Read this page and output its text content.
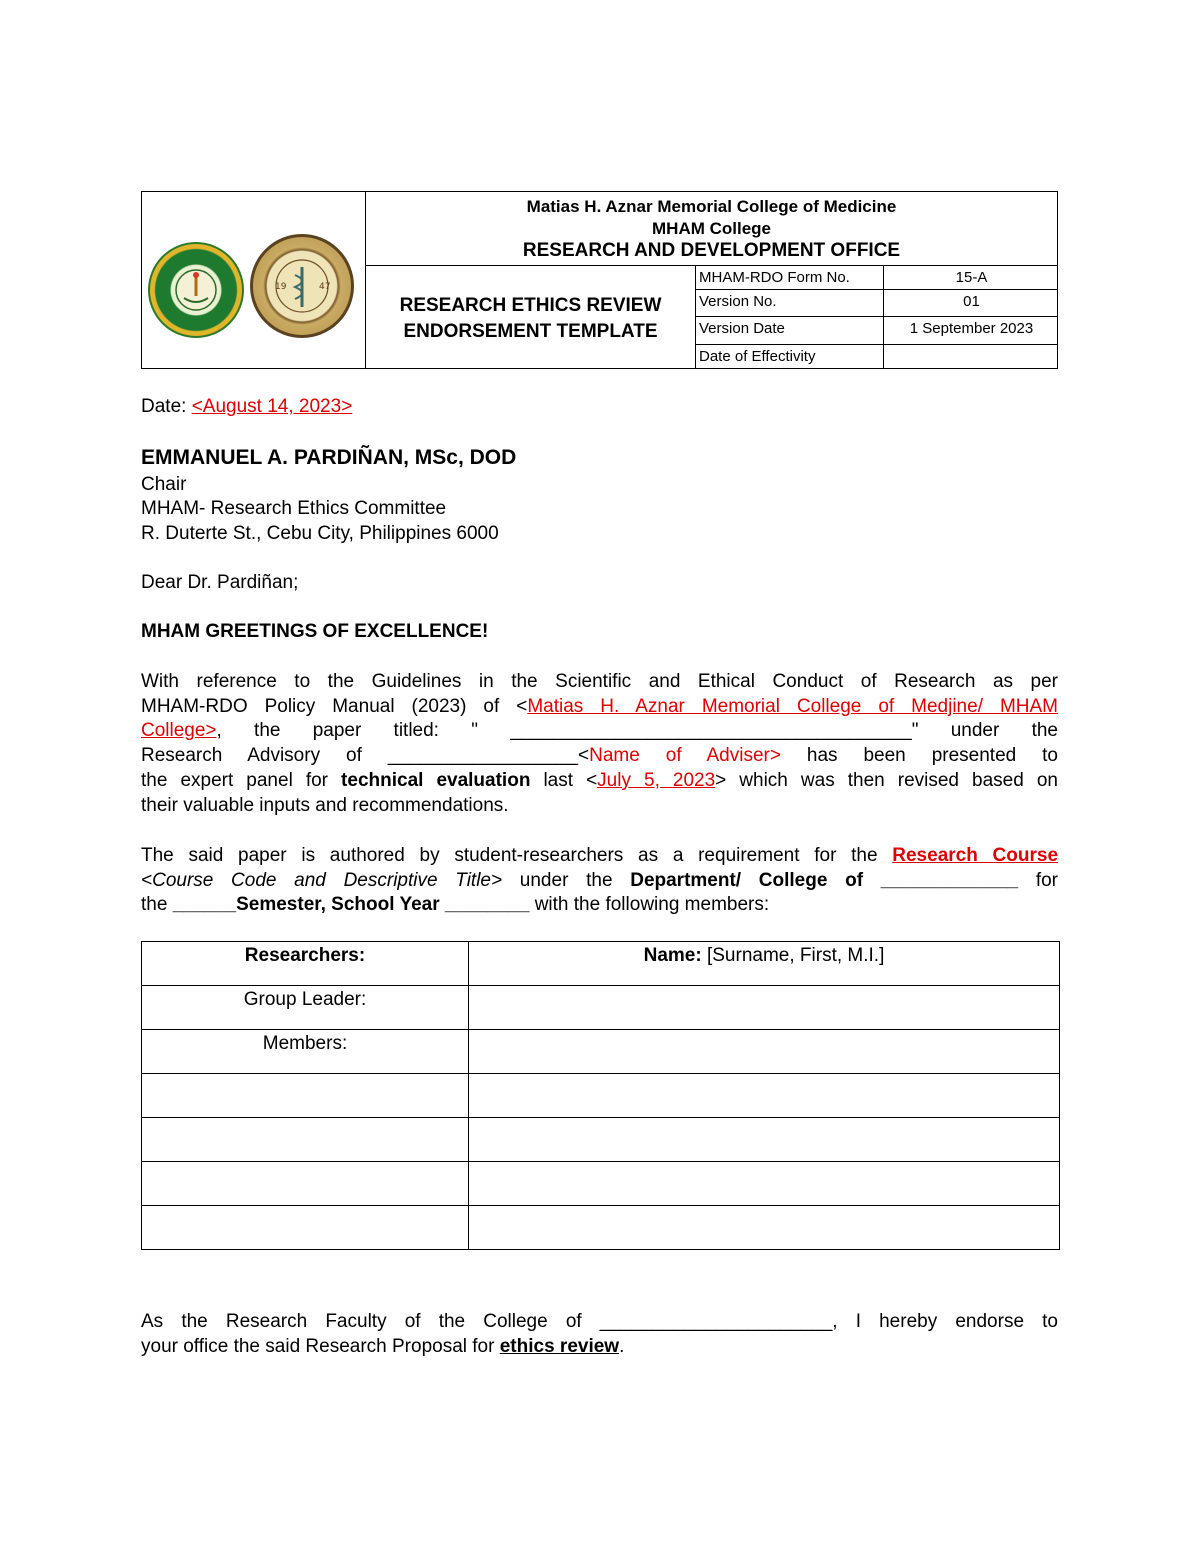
19	47
Matias H. Aznar Memorial College of Medicine
MHAM College
RESEARCH AND DEVELOPMENT OFFICE
RESEARCH ETHICS REVIEW
ENDORSEMENT TEMPLATE
MHAM-RDO Form No.	15-A
Version No.	01
Version Date	1 September 2023
Date of Effectivity
Date: <August 14, 2023>
EMMANUEL A. PARDIÑAN, MSc, DOD
Chair
MHAM- Research Ethics Committee
R. Duterte St., Cebu City, Philippines 6000
Dear Dr. Pardiñan;
MHAM GREETINGS OF EXCELLENCE!
With reference to the Guidelines in the Scientific and Ethical Conduct of Research as per
MHAM-RDO Policy Manual (2023) of <Matias H. Aznar Memorial College of Medjine/ MHAM
College>, the paper titled: " ______________________________________" under the
Research Advisory of __________________<Name of Adviser> has been presented to
the expert panel for technical evaluation last <July 5, 2023> which was then revised based on
their valuable inputs and recommendations.
The said paper is authored by student-researchers as a requirement for the Research Course
<Course Code and Descriptive Title> under the Department/ College of _____________ for
the ______Semester, School Year ________ with the following members:
Researchers:	Name: [Surname, First, M.I.]
Group Leader:	
Members:	

As the Research Faculty of the College of ______________________, I hereby endorse to
your office the said Research Proposal for ethics review.
